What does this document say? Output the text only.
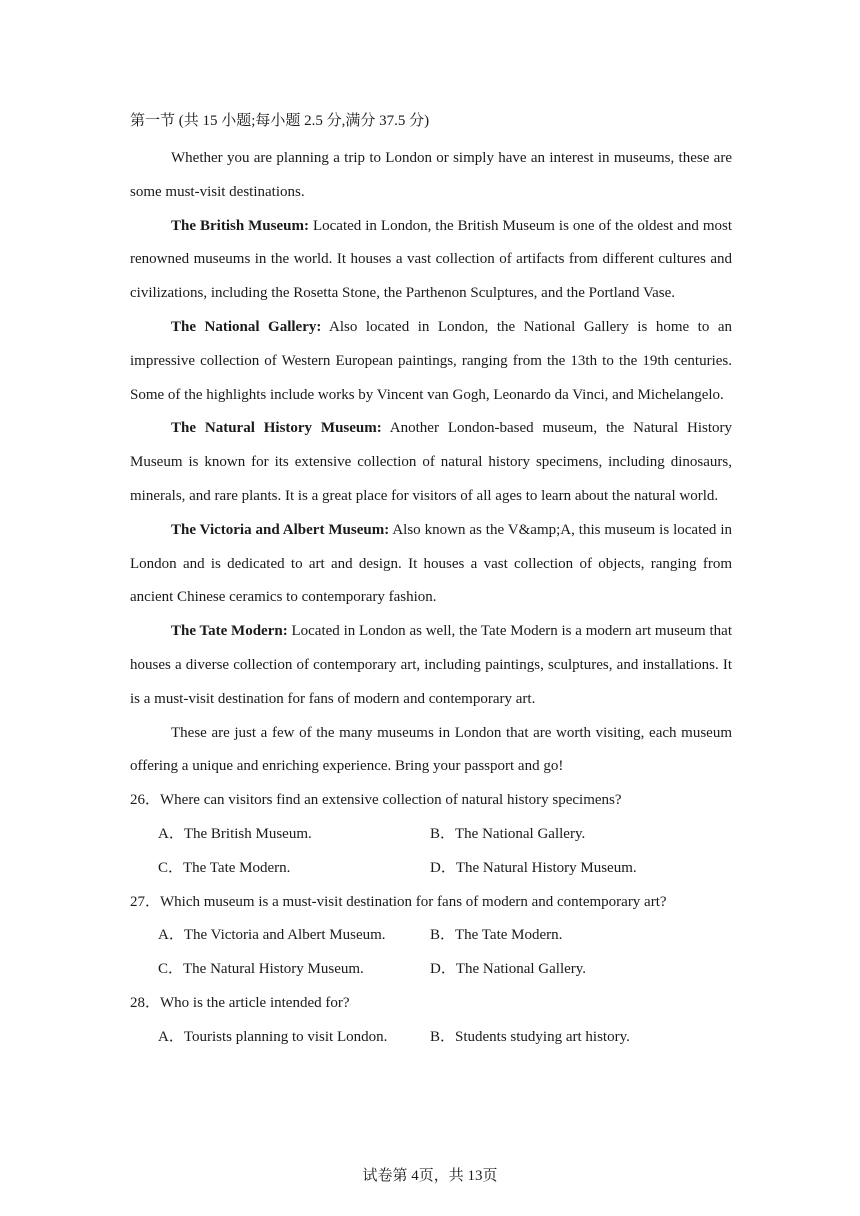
第一节 (共 15 小题;每小题 2.5 分,满分 37.5 分)

Whether you are planning a trip to London or simply have an interest in museums, these are some must-visit destinations.

The British Museum: Located in London, the British Museum is one of the oldest and most renowned museums in the world. It houses a vast collection of artifacts from different cultures and civilizations, including the Rosetta Stone, the Parthenon Sculptures, and the Portland Vase.

The National Gallery: Also located in London, the National Gallery is home to an impressive collection of Western European paintings, ranging from the 13th to the 19th centuries. Some of the highlights include works by Vincent van Gogh, Leonardo da Vinci, and Michelangelo.

The Natural History Museum: Another London-based museum, the Natural History Museum is known for its extensive collection of natural history specimens, including dinosaurs, minerals, and rare plants. It is a great place for visitors of all ages to learn about the natural world.

The Victoria and Albert Museum: Also known as the V&amp;A, this museum is located in London and is dedicated to art and design. It houses a vast collection of objects, ranging from ancient Chinese ceramics to contemporary fashion.

The Tate Modern: Located in London as well, the Tate Modern is a modern art museum that houses a diverse collection of contemporary art, including paintings, sculptures, and installations. It is a must-visit destination for fans of modern and contemporary art.

These are just a few of the many museums in London that are worth visiting, each museum offering a unique and enriching experience. Bring your passport and go!

26．Where can visitors find an extensive collection of natural history specimens?
A．The British Museum.	B．The National Gallery.
C．The Tate Modern.	D．The Natural History Museum.
27．Which museum is a must-visit destination for fans of modern and contemporary art?
A．The Victoria and Albert Museum.	B．The Tate Modern.
C．The Natural History Museum.	D．The National Gallery.
28．Who is the article intended for?
A．Tourists planning to visit London.	B．Students studying art history.
试卷第 4页，共 13页
